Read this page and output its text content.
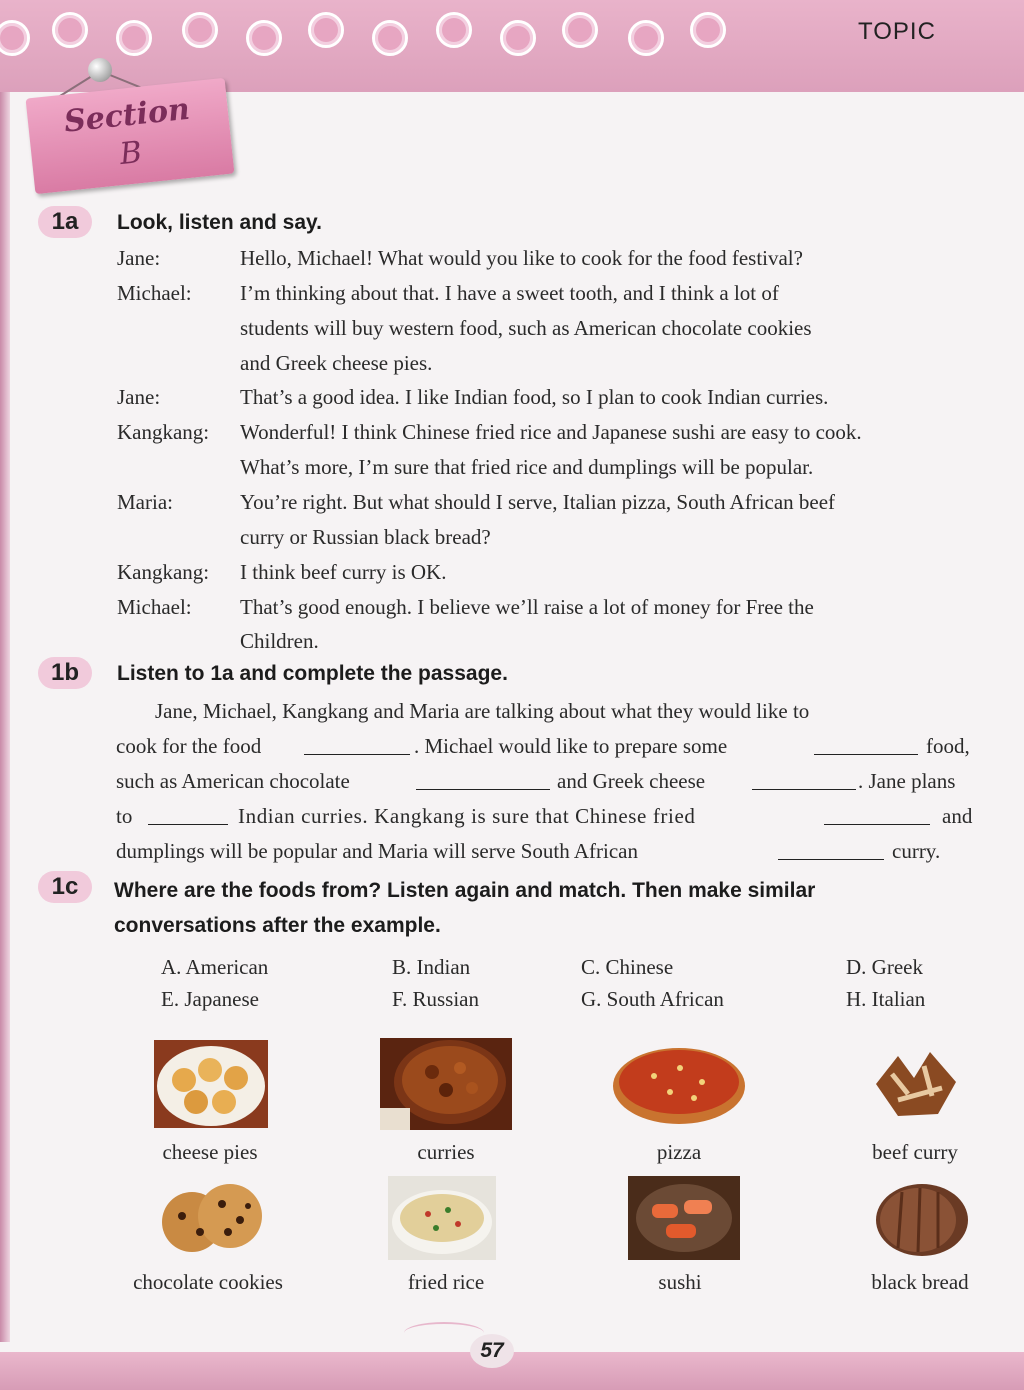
TOPIC
Section
B
1a	Look, listen and say.
Jane:	Hello, Michael! What would you like to cook for the food festival?
Michael: I’m thinking about that. I have a sweet tooth, and I think a lot of
students will buy western food, such as American chocolate cookies
and Greek cheese pies.
Jane:	That’s a good idea. I like Indian food, so I plan to cook Indian curries.
Kangkang: Wonderful! I think Chinese fried rice and Japanese sushi are easy to cook.
What’s more, I’m sure that fried rice and dumplings will be popular.
Maria:	You’re right. But what should I serve, Italian pizza, South African beef
curry or Russian black bread?
Kangkang: I think beef curry is OK.
Michael: That’s good enough. I believe we’ll raise a lot of money for Free the
Children.
1b	Listen to 1a and complete the passage.
Jane, Michael, Kangkang and Maria are talking about what they would like to
cook for the food	. Michael would like to prepare some	food,
such as American chocolate	and Greek cheese	. Jane plans
to	Indian curries. Kangkang is sure that Chinese fried	and
dumplings will be popular and Maria will serve South African	curry.
1c	Where are the foods from? Listen again and match. Then make similar
conversations after the example.
A. American	B. Indian	C. Chinese	D. Greek
E. Japanese	F. Russian	G. South African	H. Italian
cheese pies	curries	pizza	beef curry
chocolate cookies	fried rice	sushi	black bread
57
